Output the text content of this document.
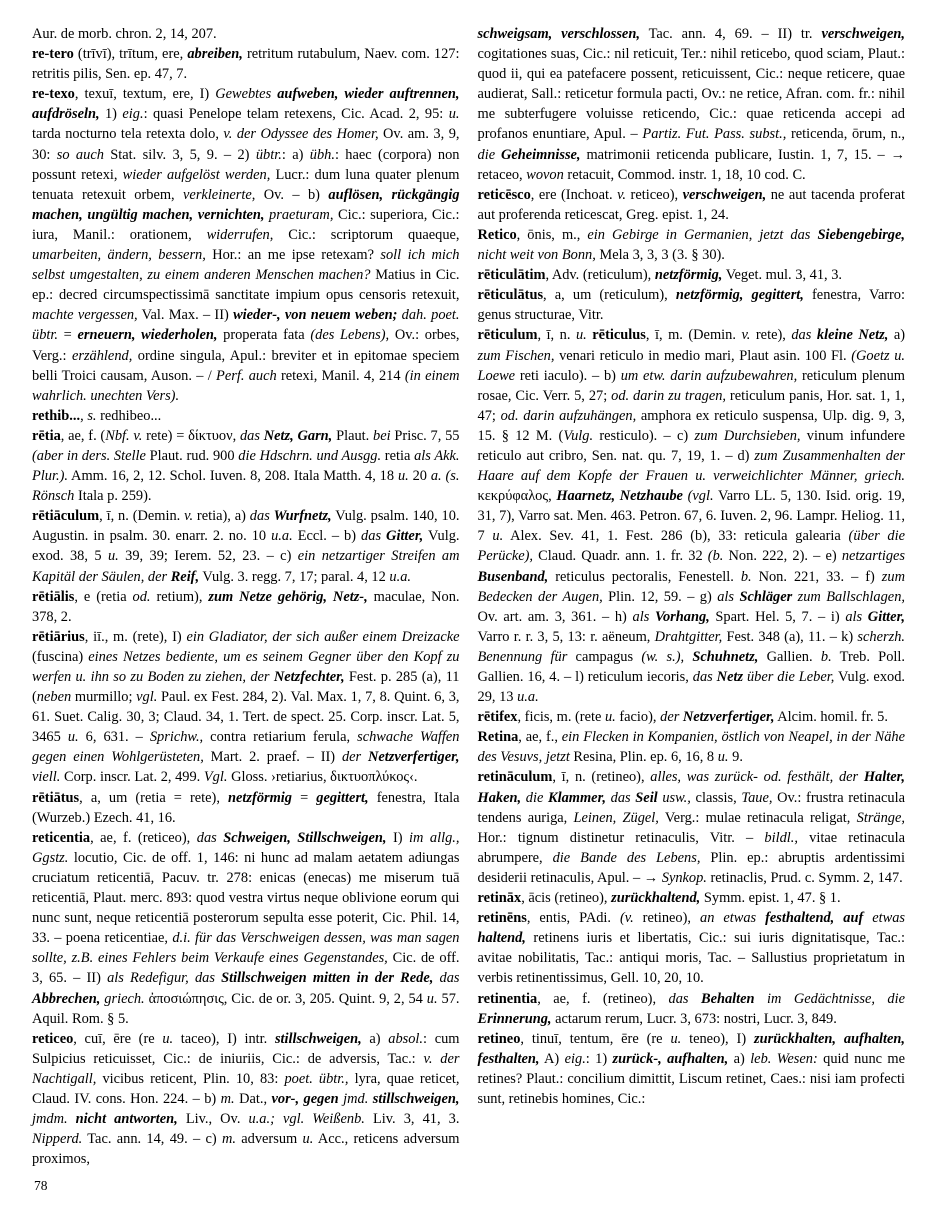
Aur. de morb. chron. 2, 14, 207.

re-tero (trīvī), trītum, ere, abreiben, retritum rutabulum, Naev. com. 127: retritis pilis, Sen. ep. 47, 7.

re-texo, texuī, textum, ere, I) Gewebtes aufweben, wieder auftrennen, aufdröseln, 1) eig.: quasi Penelope telam retexens, Cic. Acad. 2, 95: u. tarda nocturno tela retexta dolo, v. der Odyssee des Homer, Ov. am. 3, 9, 30: so auch Stat. silv. 3, 5, 9. – 2) übtr.: a) übh.: haec (corpora) non possunt retexi, wieder aufgelöst werden, Lucr.: dum luna quater plenum tenuata retexuit orbem, verkleinerte, Ov. – b) auflösen, rückgängig machen, ungültig machen, vernichten, praeturam, Cic.: superiora, Cic.: iura, Manil.: orationem, widerrufen, Cic.: scriptorum quaeque, umarbeiten, ändern, bessern, Hor.: an me ipse retexam? soll ich mich selbst umgestalten, zu einem anderen Menschen machen? Matius in Cic. ep.: decred circumspectissimā sanctitate impium opus censoris retexuit, machte vergessen, Val. Max. – II) wieder-, von neuem weben; dah. poet. übtr. = erneuern, wiederholen, properata fata (des Lebens), Ov.: orbes, Verg.: erzählend, ordine singula, Apul.: breviter et in epitomae speciem belli Troici causam, Auson. – / Perf. auch retexi, Manil. 4, 214 (in einem wahrlich. unechten Vers).

rethib..., s. redhibeo...

rētia, ae, f. (Nbf. v. rete) = δίκτυον, das Netz, Garn, Plaut. bei Prisc. 7, 55 (aber in ders. Stelle Plaut. rud. 900 die Hdschrn. und Ausgg. retia als Akk. Plur.). Amm. 16, 2, 12. Schol. Iuven. 8, 208. Itala Matth. 4, 18 u. 20 a. (s. Rönsch Itala p. 259).

rētiāculum, ī, n. (Demin. v. retia), a) das Wurfnetz, Vulg. psalm. 140, 10. Augustin. in psalm. 30. enarr. 2. no. 10 u.a. Eccl. – b) das Gitter, Vulg. exod. 38, 5 u. 39, 39; Ierem. 52, 23. – c) ein netzartiger Streifen am Kapitäl der Säulen, der Reif, Vulg. 3. regg. 7, 17; paral. 4, 12 u.a.

rētiālis, e (retia od. retium), zum Netze gehörig, Netz-, maculae, Non. 378, 2.

rētiārius, iī., m. (rete), I) ein Gladiator, der sich außer einem Dreizacke (fuscina) eines Netzes bediente, um es seinem Gegner über den Kopf zu werfen u. ihn so zu Boden zu ziehen, der Netzfechter, Fest. p. 285 (a), 11 (neben murmillo; vgl. Paul. ex Fest. 284, 2). Val. Max. 1, 7, 8. Quint. 6, 3, 61. Suet. Calig. 30, 3; Claud. 34, 1. Tert. de spect. 25. Corp. inscr. Lat. 5, 3465 u. 6, 631. – Sprichw., contra retiarium ferula, schwache Waffen gegen einen Wohlgerüsteten, Mart. 2. praef. – II) der Netzverfertiger, viell. Corp. inscr. Lat. 2, 499. Vgl. Gloss. ›retiarius, δικτυοπλύκος‹.

rētiātus, a, um (retia = rete), netzförmig = gegittert, fenestra, Itala (Wurzeb.) Ezech. 41, 16.

reticentia, ae, f. (reticeo), das Schweigen, Stillschweigen, I) im allg., Ggstz. locutio, Cic. de off. 1, 146: ni hunc ad malam aetatem adiungas cruciatum reticentiā, Pacuv. tr. 278: enicas (enecas) me miserum tuā reticentiā, Plaut. merc. 893: quod vestra virtus neque oblivione eorum qui nunc sunt, neque reticentiā posterorum sepulta esse poterit, Cic. Phil. 14, 33. – poena reticentiae, d.i. für das Verschweigen dessen, was man sagen sollte, z.B. eines Fehlers beim Verkaufe eines Gegenstandes, Cic. de off. 3, 65. – II) als Redefigur, das Stillschweigen mitten in der Rede, das Abbrechen, griech. ἀποσιώπησις, Cic. de or. 3, 205. Quint. 9, 2, 54 u. 57. Aquil. Rom. § 5.

reticeo, cuī, ēre (re u. taceo), I) intr. stillschweigen, a) absol.: cum Sulpicius reticuisset, Cic.: de iniuriis, Cic.: de adversis, Tac.: v. der Nachtigall, vicibus reticent, Plin. 10, 83: poet. übtr., lyra, quae reticet, Claud. IV. cons. Hon. 224. – b) m. Dat., vor-, gegen jmd. stillschweigen, jmdm. nicht antworten, Liv., Ov. u.a.; vgl. Weißenb. Liv. 3, 41, 3. Nipperd. Tac. ann. 14, 49. – c) m. adversum u. Acc., reticens adversum proximos,

schweigsam, verschlossen, Tac. ann. 4, 69. – II) tr. verschweigen, cogitationes suas, Cic.: nil reticuit, Ter.: nihil reticebo, quod sciam, Plaut.: quod ii, qui ea patefacere possent, reticuissent, Cic.: neque reticere, quae audierat, Sall.: reticetur formula pacti, Ov.: ne retice, Afran. com. fr.: nihil me subterfugere voluisse reticendo, Cic.: quae reticenda accepi ad profanos enuntiare, Apul. – Partiz. Fut. Pass. subst., reticenda, ōrum, n., die Geheimnisse, matrimonii reticenda publicare, Iustin. 1, 7, 15. – → retaceo, wovon retacuit, Commod. instr. 1, 18, 10 cod. C.

reticēsco, ere (Inchoat. v. reticeo), verschweigen, ne aut tacenda proferat aut proferenda reticescat, Greg. epist. 1, 24.

Retico, ōnis, m., ein Gebirge in Germanien, jetzt das Siebengebirge, nicht weit von Bonn, Mela 3, 3, 3 (3. § 30).

rēticulātim, Adv. (reticulum), netzförmig, Veget. mul. 3, 41, 3.

rēticulātus, a, um (reticulum), netzförmig, gegittert, fenestra, Varro: genus structurae, Vitr.

rēticulum, ī, n. u. rēticulus, ī, m. (Demin. v. rete), das kleine Netz, a) zum Fischen, venari reticulo in medio mari, Plaut asin. 100 Fl. (Goetz u. Loewe reti iaculo). – b) um etw. darin aufzubewahren, reticulum plenum rosae, Cic. Verr. 5, 27; od. darin zu tragen, reticulum panis, Hor. sat. 1, 1, 47; od. darin aufzuhängen, amphora ex reticulo suspensa, Ulp. dig. 9, 3, 15. § 12 M. (Vulg. resticulo). – c) zum Durchsieben, vinum infundere reticulo aut cribro, Sen. nat. qu. 7, 19, 1. – d) zum Zusammenhalten der Haare auf dem Kopfe der Frauen u. verweichlichter Männer, griech. κεκρύφαλος, Haarnetz, Netzhaube (vgl. Varro LL. 5, 130. Isid. orig. 19, 31, 7), Varro sat. Men. 463. Petron. 67, 6. Iuven. 2, 96. Lampr. Heliog. 11, 7 u. Alex. Sev. 41, 1. Fest. 286 (b), 33: reticula galearia (über die Perücke), Claud. Quadr. ann. 1. fr. 32 (b. Non. 222, 2). – e) netzartiges Busenband, reticulus pectoralis, Fenestell. b. Non. 221, 33. – f) zum Bedecken der Augen, Plin. 12, 59. – g) als Schläger zum Ballschlagen, Ov. art. am. 3, 361. – h) als Vorhang, Spart. Hel. 5, 7. – i) als Gitter, Varro r. r. 3, 5, 13: r. aëneum, Drahtgitter, Fest. 348 (a), 11. – k) scherzh. Benennung für campagus (w. s.), Schuhnetz, Gallien. b. Treb. Poll. Gallien. 16, 4. – l) reticulum iecoris, das Netz über die Leber, Vulg. exod. 29, 13 u.a.

rētifex, ficis, m. (rete u. facio), der Netzverfertiger, Alcim. homil. fr. 5.

Retina, ae, f., ein Flecken in Kompanien, östlich von Neapel, in der Nähe des Vesuvs, jetzt Resina, Plin. ep. 6, 16, 8 u. 9.

retināculum, ī, n. (retineo), alles, was zurück- od. festhält, der Halter, Haken, die Klammer, das Seil usw., classis, Taue, Ov.: frustra retinacula tendens auriga, Leinen, Zügel, Verg.: mulae retinacula religat, Stränge, Hor.: tignum distinetur retinaculis, Vitr. – bildl., vitae retinacula abrumpere, die Bande des Lebens, Plin. ep.: abruptis ardentissimi desiderii retinaculis, Apul. – → Synkop. retinaclis, Prud. c. Symm. 2, 147.

retināx, ācis (retineo), zurückhaltend, Symm. epist. 1, 47. § 1.

retinēns, entis, PAdi. (v. retineo), an etwas festhaltend, auf etwas haltend, retinens iuris et libertatis, Cic.: sui iuris dignitatisque, Tac.: avitae nobilitatis, Tac.: antiqui moris, Tac. – Sallustius proprietatum in verbis retinentissimus, Gell. 10, 20, 10.

retinentia, ae, f. (retineo), das Behalten im Gedächtnisse, die Erinnerung, actarum rerum, Lucr. 3, 673: nostri, Lucr. 3, 849.

retineo, tinuī, tentum, ēre (re u. teneo), I) zurückhalten, aufhalten, festhalten, A) eig.: 1) zurück-, aufhalten, a) leb. Wesen: quid nunc me retines? Plaut.: concilium dimittit, Liscum retinet, Caes.: nisi iam profecti sunt, retinebis homines, Cic.:

78
